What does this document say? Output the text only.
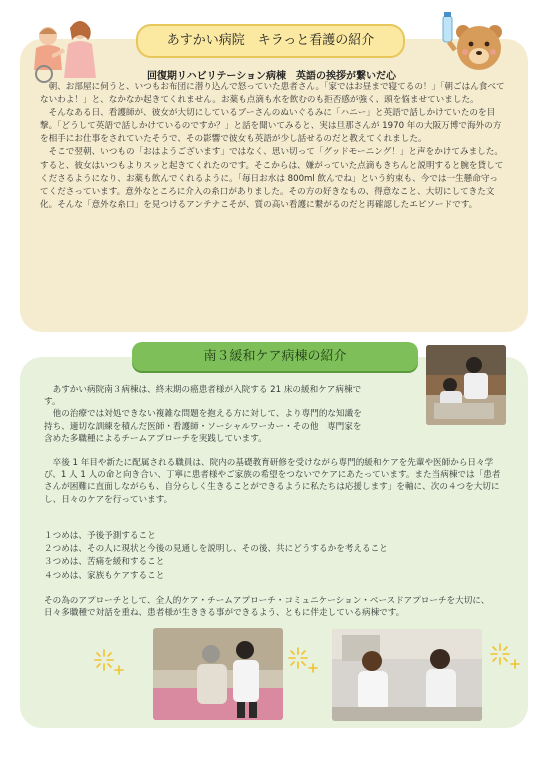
あすかい病院　キラっと看護の紹介
回復期リハビリテーション病棟　英語の挨拶が繋いだ心

朝、お部屋に伺うと、いつもお布団に潜り込んで怒っていた患者さん。「家ではお昼まで寝てるの！」「朝ごはん食べてないわよ！」と、なかなか起きてくれません。お薬も点滴も水を飲むのも拒否感が強く、頭を悩ませていました。

そんなある日、看護師が、彼女が大切にしているブーさんのぬいぐるみに「ハニー」と英語で話しかけていたのを目撃。「どうして英語で話しかけているのですか？」と話を聞いてみると、実は旦那さんが 1970 年の大阪万博で海外の方を相手にお仕事をされていたそうで、その影響で彼女も英語が少し話せるのだと教えてくれました。

そこで翌朝、いつもの「おはようございます」ではなく、思い切って「グッドモーニング！」と声をかけてみました。 すると、彼女はいつもよりスッと起きてくれたのです。そこからは、嫌がっていた点滴もきちんと説明すると腕を貸してくださるようになり、お薬も飲んでくれるように。「毎日お水は 800ml 飲んでね」という約束も、今では一生懸命守ってくださっています。意外なところに介入の糸口がありました。その方の好きなもの、得意なこと、大切にしてきた文化。そんな「意外な糸口」を見つけるアンテナこそが、質の高い看護に繋がるのだと再確認したエピソードです。

南３緩和ケア病棟の紹介

あすかい病院南３病棟は、終末期の癌患者様が入院する 21 床の緩和ケア病棟です。

他の治療では対処できない複雑な問題を抱える方に対して、より専門的な知識を持ち、適切な訓練を積んだ医師・看護師・ソーシャルワーカー・その他　専門家を含めた多職種によるチームアプローチを実践しています。

卒後 1 年目や新たに配属される職員は、院内の基礎教育研修を受けながら専門的緩和ケアを先輩や医師から日々学び、1 人 1 人の命と向き合い、丁寧に患者様やご家族の希望をつないでケアにあたっています。また当病棟では「患者さんが困難に直面しながらも、自分らしく生きることができるように私たちは応援します」を軸に、次の４つを大切にし、日々のケアを行っています。

１つめは、予後予測すること
２つめは、その人に現状と今後の見通しを説明し、その後、共にどうするかを考えること
３つめは、苦痛を緩和すること
４つめは、家族もケアすること

その為のアプローチとして、全人的ケア・チームアプローチ・コミュニケーション・ベースドアプローチを大切に、日々多職種で対話を重ね、患者様が生ききる事ができるよう、ともに伴走している病棟です。
